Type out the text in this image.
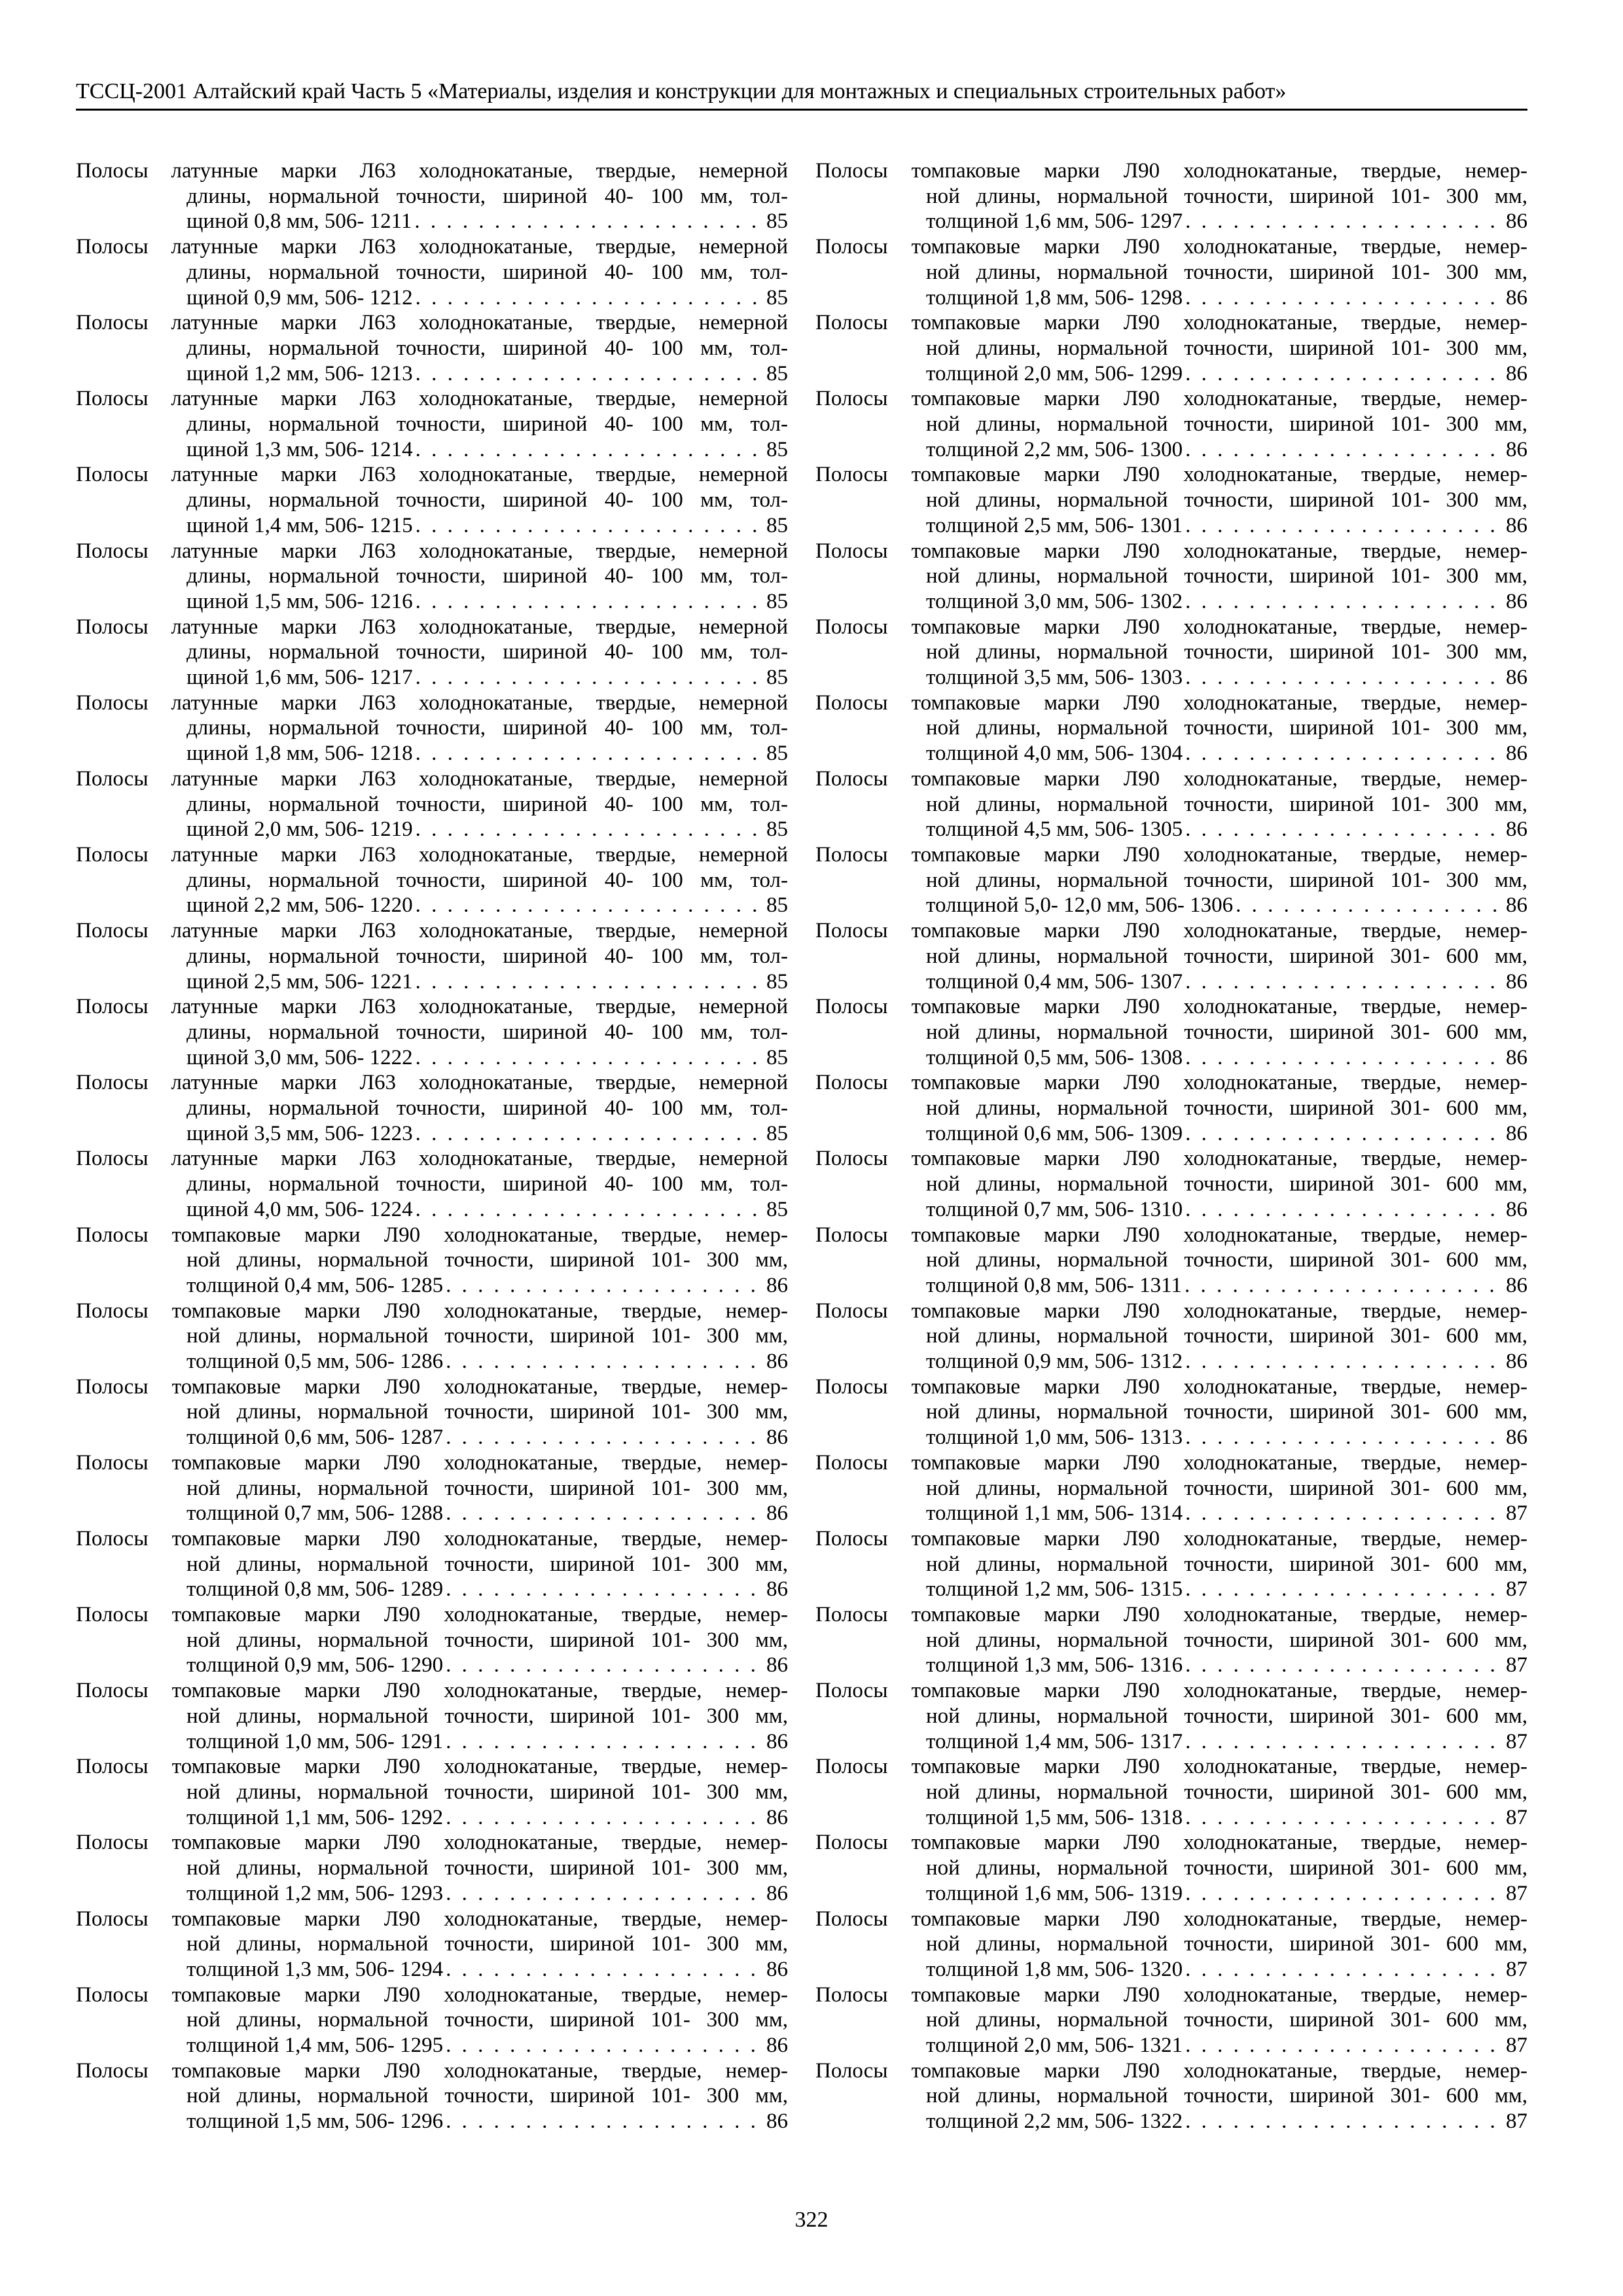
ТССЦ-2001 Алтайский край Часть 5 «Материалы, изделия и конструкции для монтажных и специальных строительных работ»
Полосы латунные марки Л63 холоднокатаные, твердые, немерной
длины, нормальной точности, шириной 40- 100 мм, тол-
щиной 0,8 мм, 506- 1211 . . .	85
Полосы латунные марки Л63 холоднокатаные, твердые, немерной
длины, нормальной точности, шириной 40- 100 мм, тол-
щиной 0,9 мм, 506- 1212 . . .	85
Полосы латунные марки Л63 холоднокатаные, твердые, немерной
длины, нормальной точности, шириной 40- 100 мм, тол-
щиной 1,2 мм, 506- 1213 . . .	85
Полосы латунные марки Л63 холоднокатаные, твердые, немерной
длины, нормальной точности, шириной 40- 100 мм, тол-
щиной 1,3 мм, 506- 1214 . . .	85
Полосы латунные марки Л63 холоднокатаные, твердые, немерной
длины, нормальной точности, шириной 40- 100 мм, тол-
щиной 1,4 мм, 506- 1215 . . .	85
Полосы латунные марки Л63 холоднокатаные, твердые, немерной
длины, нормальной точности, шириной 40- 100 мм, тол-
щиной 1,5 мм, 506- 1216 . . .	85
Полосы латунные марки Л63 холоднокатаные, твердые, немерной
длины, нормальной точности, шириной 40- 100 мм, тол-
щиной 1,6 мм, 506- 1217 . . .	85
Полосы латунные марки Л63 холоднокатаные, твердые, немерной
длины, нормальной точности, шириной 40- 100 мм, тол-
щиной 1,8 мм, 506- 1218 . . .	85
Полосы латунные марки Л63 холоднокатаные, твердые, немерной
длины, нормальной точности, шириной 40- 100 мм, тол-
щиной 2,0 мм, 506- 1219 . . .	85
Полосы латунные марки Л63 холоднокатаные, твердые, немерной
длины, нормальной точности, шириной 40- 100 мм, тол-
щиной 2,2 мм, 506- 1220 . . .	85
Полосы латунные марки Л63 холоднокатаные, твердые, немерной
длины, нормальной точности, шириной 40- 100 мм, тол-
щиной 2,5 мм, 506- 1221 . . .	85
Полосы латунные марки Л63 холоднокатаные, твердые, немерной
длины, нормальной точности, шириной 40- 100 мм, тол-
щиной 3,0 мм, 506- 1222 . . .	85
Полосы латунные марки Л63 холоднокатаные, твердые, немерной
длины, нормальной точности, шириной 40- 100 мм, тол-
щиной 3,5 мм, 506- 1223 . . .	85
Полосы латунные марки Л63 холоднокатаные, твердые, немерной
длины, нормальной точности, шириной 40- 100 мм, тол-
щиной 4,0 мм, 506- 1224 . . .	85
Полосы томпаковые марки Л90 холоднокатаные, твердые, немер-
ной длины, нормальной точности, шириной 101- 300 мм,
толщиной 0,4 мм, 506- 1285 . . .	86
Полосы томпаковые марки Л90 холоднокатаные, твердые, немер-
ной длины, нормальной точности, шириной 101- 300 мм,
толщиной 0,5 мм, 506- 1286 . . .	86
Полосы томпаковые марки Л90 холоднокатаные, твердые, немер-
ной длины, нормальной точности, шириной 101- 300 мм,
толщиной 0,6 мм, 506- 1287 . . .	86
Полосы томпаковые марки Л90 холоднокатаные, твердые, немер-
ной длины, нормальной точности, шириной 101- 300 мм,
толщиной 0,7 мм, 506- 1288 . . .	86
Полосы томпаковые марки Л90 холоднокатаные, твердые, немер-
ной длины, нормальной точности, шириной 101- 300 мм,
толщиной 0,8 мм, 506- 1289 . . .	86
Полосы томпаковые марки Л90 холоднокатаные, твердые, немер-
ной длины, нормальной точности, шириной 101- 300 мм,
толщиной 0,9 мм, 506- 1290 . . .	86
Полосы томпаковые марки Л90 холоднокатаные, твердые, немер-
ной длины, нормальной точности, шириной 101- 300 мм,
толщиной 1,0 мм, 506- 1291 . . .	86
Полосы томпаковые марки Л90 холоднокатаные, твердые, немер-
ной длины, нормальной точности, шириной 101- 300 мм,
толщиной 1,1 мм, 506- 1292 . . .	86
Полосы томпаковые марки Л90 холоднокатаные, твердые, немер-
ной длины, нормальной точности, шириной 101- 300 мм,
толщиной 1,2 мм, 506- 1293 . . .	86
Полосы томпаковые марки Л90 холоднокатаные, твердые, немер-
ной длины, нормальной точности, шириной 101- 300 мм,
толщиной 1,3 мм, 506- 1294 . . .	86
Полосы томпаковые марки Л90 холоднокатаные, твердые, немер-
ной длины, нормальной точности, шириной 101- 300 мм,
толщиной 1,4 мм, 506- 1295 . . .	86
Полосы томпаковые марки Л90 холоднокатаные, твердые, немер-
ной длины, нормальной точности, шириной 101- 300 мм,
толщиной 1,5 мм, 506- 1296 . . .	86
Полосы томпаковые марки Л90 холоднокатаные, твердые, немер-
ной длины, нормальной точности, шириной 101- 300 мм,
толщиной 1,6 мм, 506- 1297 . . .	86
Полосы томпаковые марки Л90 холоднокатаные, твердые, немер-
ной длины, нормальной точности, шириной 101- 300 мм,
толщиной 1,8 мм, 506- 1298 . . .	86
Полосы томпаковые марки Л90 холоднокатаные, твердые, немер-
ной длины, нормальной точности, шириной 101- 300 мм,
толщиной 2,0 мм, 506- 1299 . . .	86
Полосы томпаковые марки Л90 холоднокатаные, твердые, немер-
ной длины, нормальной точности, шириной 101- 300 мм,
толщиной 2,2 мм, 506- 1300 . . .	86
Полосы томпаковые марки Л90 холоднокатаные, твердые, немер-
ной длины, нормальной точности, шириной 101- 300 мм,
толщиной 2,5 мм, 506- 1301 . . .	86
Полосы томпаковые марки Л90 холоднокатаные, твердые, немер-
ной длины, нормальной точности, шириной 101- 300 мм,
толщиной 3,0 мм, 506- 1302 . . .	86
Полосы томпаковые марки Л90 холоднокатаные, твердые, немер-
ной длины, нормальной точности, шириной 101- 300 мм,
толщиной 3,5 мм, 506- 1303 . . .	86
Полосы томпаковые марки Л90 холоднокатаные, твердые, немер-
ной длины, нормальной точности, шириной 101- 300 мм,
толщиной 4,0 мм, 506- 1304 . . .	86
Полосы томпаковые марки Л90 холоднокатаные, твердые, немер-
ной длины, нормальной точности, шириной 101- 300 мм,
толщиной 4,5 мм, 506- 1305 . . .	86
Полосы томпаковые марки Л90 холоднокатаные, твердые, немер-
ной длины, нормальной точности, шириной 101- 300 мм,
толщиной 5,0- 12,0 мм, 506- 1306 . . .	86
Полосы томпаковые марки Л90 холоднокатаные, твердые, немер-
ной длины, нормальной точности, шириной 301- 600 мм,
толщиной 0,4 мм, 506- 1307 . . .	86
Полосы томпаковые марки Л90 холоднокатаные, твердые, немер-
ной длины, нормальной точности, шириной 301- 600 мм,
толщиной 0,5 мм, 506- 1308 . . .	86
Полосы томпаковые марки Л90 холоднокатаные, твердые, немер-
ной длины, нормальной точности, шириной 301- 600 мм,
толщиной 0,6 мм, 506- 1309 . . .	86
Полосы томпаковые марки Л90 холоднокатаные, твердые, немер-
ной длины, нормальной точности, шириной 301- 600 мм,
толщиной 0,7 мм, 506- 1310 . . .	86
Полосы томпаковые марки Л90 холоднокатаные, твердые, немер-
ной длины, нормальной точности, шириной 301- 600 мм,
толщиной 0,8 мм, 506- 1311 . . .	86
Полосы томпаковые марки Л90 холоднокатаные, твердые, немер-
ной длины, нормальной точности, шириной 301- 600 мм,
толщиной 0,9 мм, 506- 1312 . . .	86
Полосы томпаковые марки Л90 холоднокатаные, твердые, немер-
ной длины, нормальной точности, шириной 301- 600 мм,
толщиной 1,0 мм, 506- 1313 . . .	86
Полосы томпаковые марки Л90 холоднокатаные, твердые, немер-
ной длины, нормальной точности, шириной 301- 600 мм,
толщиной 1,1 мм, 506- 1314 . . .	87
Полосы томпаковые марки Л90 холоднокатаные, твердые, немер-
ной длины, нормальной точности, шириной 301- 600 мм,
толщиной 1,2 мм, 506- 1315 . . .	87
Полосы томпаковые марки Л90 холоднокатаные, твердые, немер-
ной длины, нормальной точности, шириной 301- 600 мм,
толщиной 1,3 мм, 506- 1316 . . .	87
Полосы томпаковые марки Л90 холоднокатаные, твердые, немер-
ной длины, нормальной точности, шириной 301- 600 мм,
толщиной 1,4 мм, 506- 1317 . . .	87
Полосы томпаковые марки Л90 холоднокатаные, твердые, немер-
ной длины, нормальной точности, шириной 301- 600 мм,
толщиной 1,5 мм, 506- 1318 . . .	87
Полосы томпаковые марки Л90 холоднокатаные, твердые, немер-
ной длины, нормальной точности, шириной 301- 600 мм,
толщиной 1,6 мм, 506- 1319 . . .	87
Полосы томпаковые марки Л90 холоднокатаные, твердые, немер-
ной длины, нормальной точности, шириной 301- 600 мм,
толщиной 1,8 мм, 506- 1320 . . .	87
Полосы томпаковые марки Л90 холоднокатаные, твердые, немер-
ной длины, нормальной точности, шириной 301- 600 мм,
толщиной 2,0 мм, 506- 1321 . . .	87
Полосы томпаковые марки Л90 холоднокатаные, твердые, немер-
ной длины, нормальной точности, шириной 301- 600 мм,
толщиной 2,2 мм, 506- 1322 . . .	87
322
